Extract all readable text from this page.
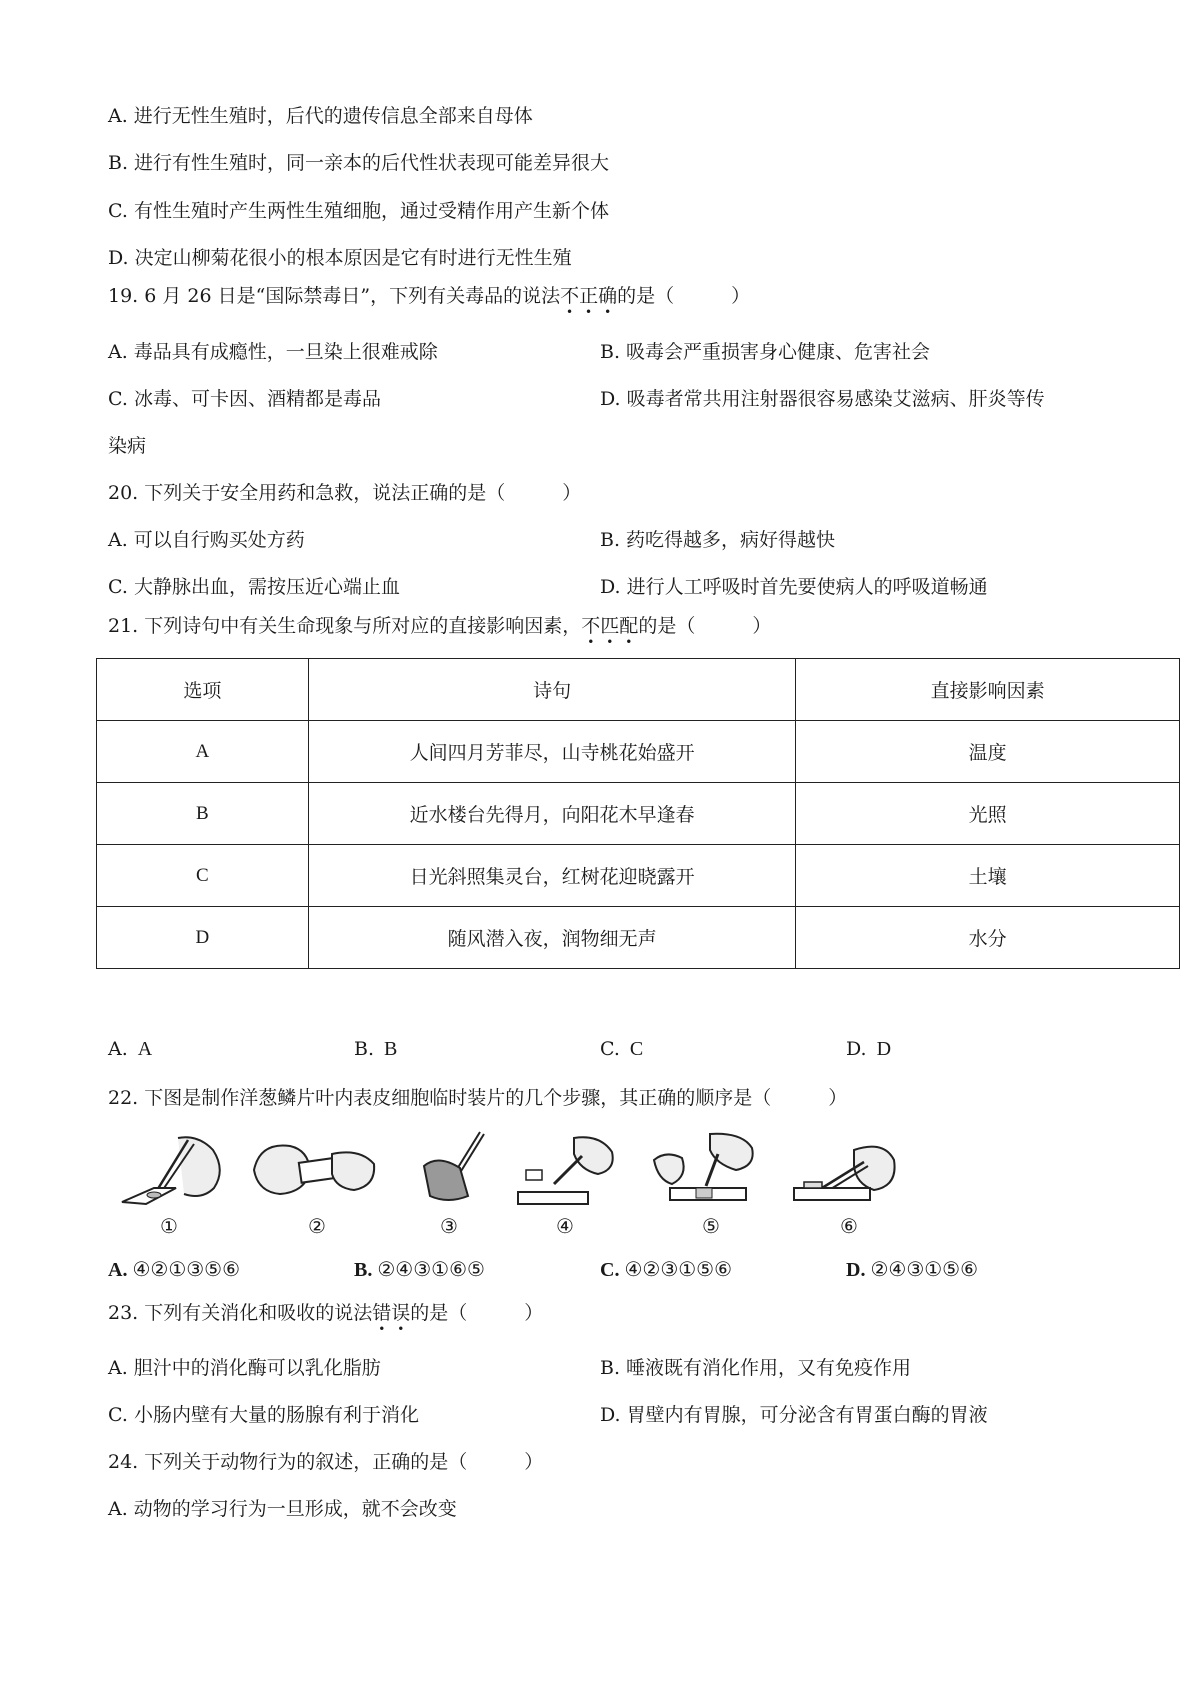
A. 进行无性生殖时，后代的遗传信息全部来自母体
B. 进行有性生殖时，同一亲本的后代性状表现可能差异很大
C. 有性生殖时产生两性生殖细胞，通过受精作用产生新个体
D. 决定山柳菊花很小的根本原因是它有时进行无性生殖
19. 6 月 26 日是“国际禁毒日”，下列有关毒品的说法不正确的是（　　　）
A. 毒品具有成瘾性，一旦染上很难戒除	B. 吸毒会严重损害身心健康、危害社会
C. 冰毒、可卡因、酒精都是毒品	D. 吸毒者常共用注射器很容易感染艾滋病、肝炎等传
染病
20. 下列关于安全用药和急救，说法正确的是（　　　）
A. 可以自行购买处方药	B. 药吃得越多，病好得越快
C. 大静脉出血，需按压近心端止血	D. 进行人工呼吸时首先要使病人的呼吸道畅通
21. 下列诗句中有关生命现象与所对应的直接影响因素，不匹配的是（　　　）
选项	诗句	直接影响因素
A	人间四月芳菲尽，山寺桃花始盛开	温度
B	近水楼台先得月，向阳花木早逢春	光照
C	日光斜照集灵台，红树花迎晓露开	土壤
D	随风潜入夜，润物细无声	水分
A. A	B. B	C. C	D. D
22. 下图是制作洋葱鳞片叶内表皮细胞临时装片的几个步骤，其正确的顺序是（　　　）
①	②	③	④	⑤	⑥
A. ④②①③⑤⑥	B. ②④③①⑥⑤	C. ④②③①⑤⑥	D. ②④③①⑤⑥
23. 下列有关消化和吸收的说法错误的是（　　　）
A. 胆汁中的消化酶可以乳化脂肪	B. 唾液既有消化作用，又有免疫作用
C. 小肠内壁有大量的肠腺有利于消化	D. 胃壁内有胃腺，可分泌含有胃蛋白酶的胃液
24. 下列关于动物行为的叙述，正确的是（　　　）
A. 动物的学习行为一旦形成，就不会改变
